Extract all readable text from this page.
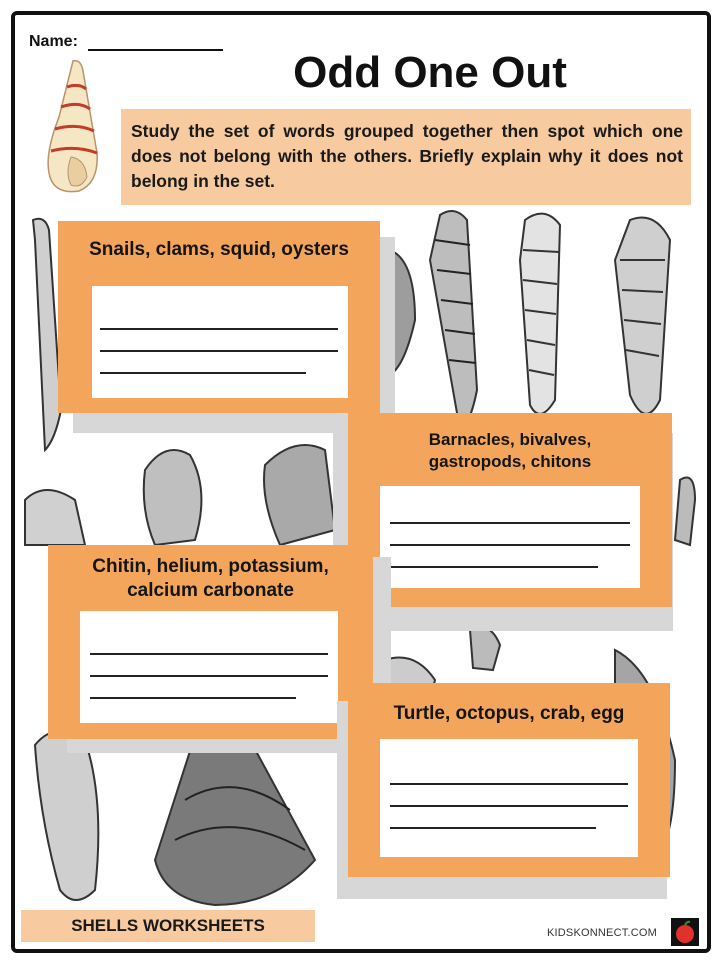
Name:
Odd One Out
Study the set of words grouped together then spot which one does not belong with the others. Briefly explain why it does not belong in the set.
Snails, clams, squid, oysters
Barnacles, bivalves,
gastropods, chitons
Chitin, helium, potassium,
calcium carbonate
Turtle, octopus, crab, egg
SHELLS WORKSHEETS	KIDSKONNECT.COM
